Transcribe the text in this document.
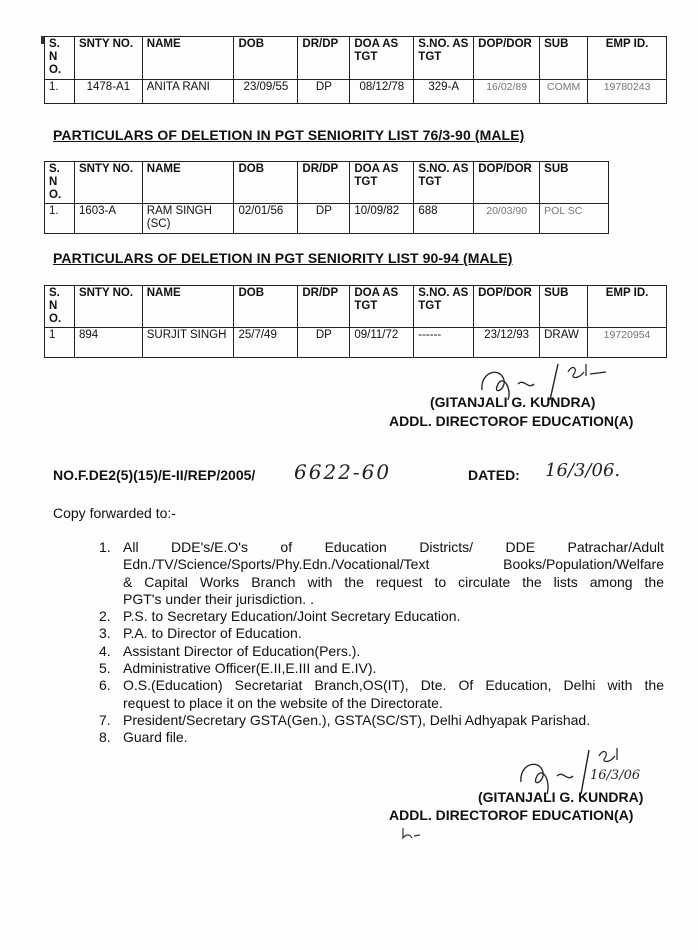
S. N O.	SNTY NO.	NAME	DOB	DR/DP	DOA AS TGT	S.NO. AS TGT	DOP/DOR	SUB	EMP ID.
1.	1478-A1	ANITA RANI	23/09/55	DP	08/12/78	329-A	16/02/89	COMM	19780243
PARTICULARS OF DELETION IN PGT SENIORITY LIST 76/3-90 (MALE)
S. N O.	SNTY NO.	NAME	DOB	DR/DP	DOA AS TGT	S.NO. AS TGT	DOP/DOR	SUB
1.	1603-A	RAM SINGH (SC)	02/01/56	DP	10/09/82	688	20/03/90	POL SC
PARTICULARS OF DELETION IN PGT SENIORITY LIST 90-94 (MALE)
S. N O.	SNTY NO.	NAME	DOB	DR/DP	DOA AS TGT	S.NO. AS TGT	DOP/DOR	SUB	EMP ID.
1	894	SURJIT SINGH	25/7/49	DP	09/11/72	------	23/12/93	DRAW	19720954
(GITANJALI G. KUNDRA)
ADDL. DIRECTOROF EDUCATION(A)
NO.F.DE2(5)(15)/E-II/REP/2005/ 6622-60	DATED: 16/3/06.
Copy forwarded to:-
1. All DDE's/E.O's of Education Districts/ DDE Patrachar/Adult
Edn./TV/Science/Sports/Phy.Edn./Vocational/Text Books/Population/Welfare
& Capital Works Branch with the request to circulate the lists among the
PGT's under their jurisdiction. .
2. P.S. to Secretary Education/Joint Secretary Education.
3. P.A. to Director of Education.
4. Assistant Director of Education(Pers.).
5. Administrative Officer(E.II,E.III and E.IV).
6. O.S.(Education) Secretariat Branch,OS(IT), Dte. Of Education, Delhi with the
request to place it on the website of the Directorate.
7. President/Secretary GSTA(Gen.), GSTA(SC/ST), Delhi Adhyapak Parishad.
8. Guard file.
16/3/06
(GITANJALI G. KUNDRA)
ADDL. DIRECTOROF EDUCATION(A)
